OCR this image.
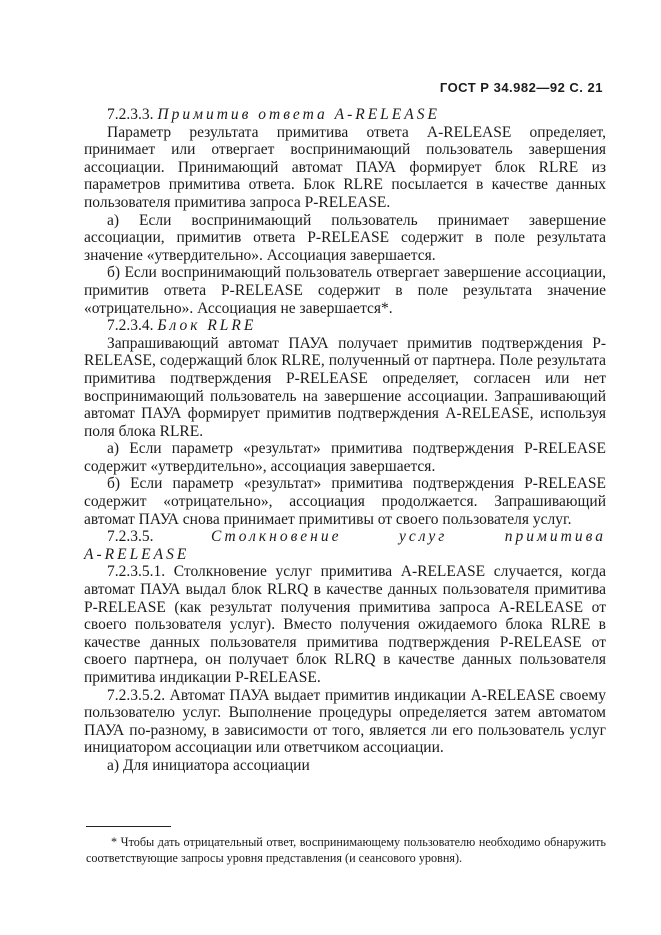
ГОСТ Р 34.982—92 С. 21

7.2.3.3. Примитив ответа A-RELEASE

Параметр результата примитива ответа A-RELEASE определяет, принимает или отвергает воспринимающий пользователь завершения ассоциации. Принимающий автомат ПАУА формирует блок RLRE из параметров примитива ответа. Блок RLRE посылается в качестве данных пользователя примитива запроса P-RELEASE.

а) Если воспринимающий пользователь принимает завершение ассоциации, примитив ответа P-RELEASE содержит в поле результата значение «утвердительно». Ассоциация завершается.

б) Если воспринимающий пользователь отвергает завершение ассоциации, примитив ответа P-RELEASE содержит в поле результата значение «отрицательно». Ассоциация не завершается*.

7.2.3.4. Блок RLRE

Запрашивающий автомат ПАУА получает примитив подтверждения P-RELEASE, содержащий блок RLRE, полученный от партнера. Поле результата примитива подтверждения P-RELEASE определяет, согласен или нет воспринимающий пользователь на завершение ассоциации. Запрашивающий автомат ПАУА формирует примитив подтверждения A-RELEASE, используя поля блока RLRE.

а) Если параметр «результат» примитива подтверждения P-RELEASE содержит «утвердительно», ассоциация завершается.

б) Если параметр «результат» примитива подтверждения P-RELEASE содержит «отрицательно», ассоциация продолжается. Запрашивающий автомат ПАУА снова принимает примитивы от своего пользователя услуг.

7.2.3.5.	Столкновение	услуг	примитива

A-RELEASE

7.2.3.5.1. Столкновение услуг примитива A-RELEASE случается, когда автомат ПАУА выдал блок RLRQ в качестве данных пользователя примитива P-RELEASE (как результат получения примитива запроса A-RELEASE от своего пользователя услуг). Вместо получения ожидаемого блока RLRE в качестве данных пользователя примитива подтверждения P-RELEASE от своего партнера, он получает блок RLRQ в качестве данных пользователя примитива индикации P-RELEASE.

7.2.3.5.2. Автомат ПАУА выдает примитив индикации A-RELEASE своему пользователю услуг. Выполнение процедуры определяется затем автоматом ПАУА по-разному, в зависимости от того, является ли его пользователь услуг инициатором ассоциации или ответчиком ассоциации.

а) Для инициатора ассоциации

* Чтобы дать отрицательный ответ, воспринимающему пользователю необходимо обнаружить соответствующие запросы уровня представления (и сеансового уровня).
